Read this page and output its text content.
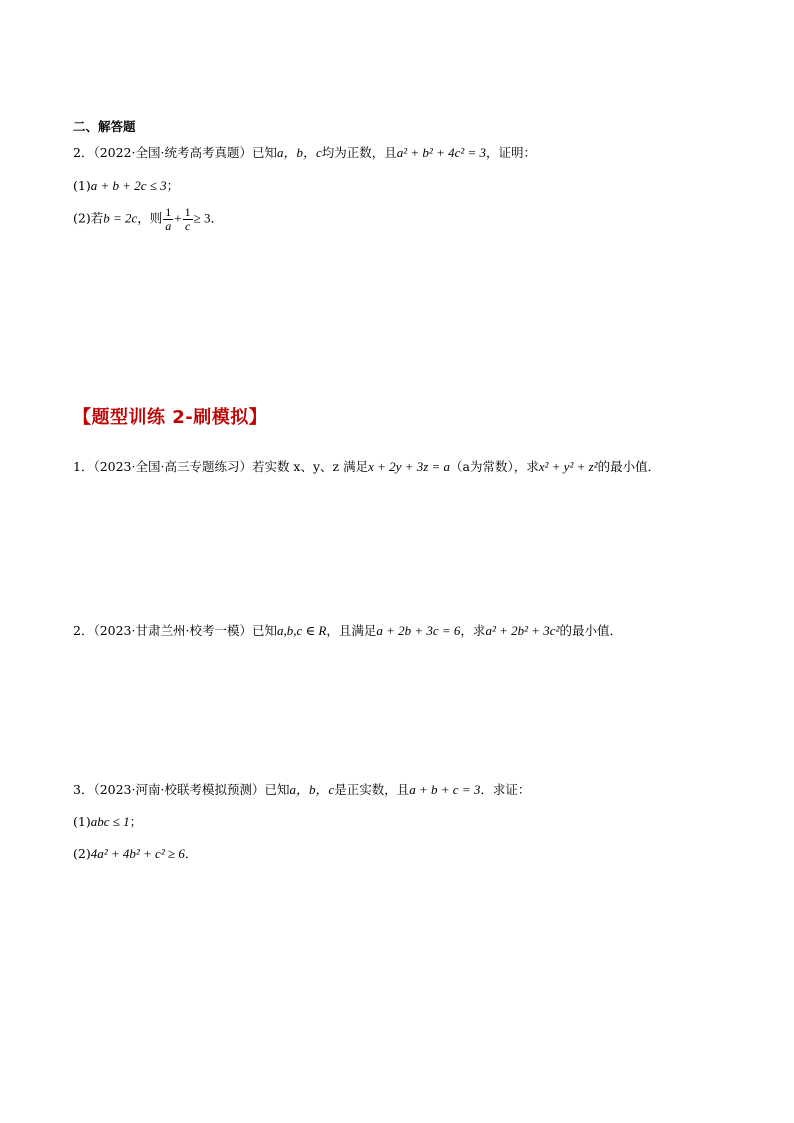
二、解答题
2．（2022·全国·统考高考真题）已知a，b，c均为正数，且a² + b² + 4c² = 3，证明：
(1)a + b + 2c ≤ 3；
(2)若b = 2c，则 $\frac{1}{a} + \frac{1}{c} \ge 3$．
【题型训练 2-刷模拟】
1．（2023·全国·高三专题练习）若实数 x、y、z 满足x + 2y + 3z = a（a为常数），求x² + y² + z²的最小值．
2．（2023·甘肃兰州·校考一模）已知a,b,c ∈ R，且满足a + 2b + 3c = 6，求a² + 2b² + 3c²的最小值．
3．（2023·河南·校联考模拟预测）已知a，b，c是正实数，且a + b + c = 3．求证：
(1)abc ≤ 1；
(2)4a² + 4b² + c² ≥ 6．
